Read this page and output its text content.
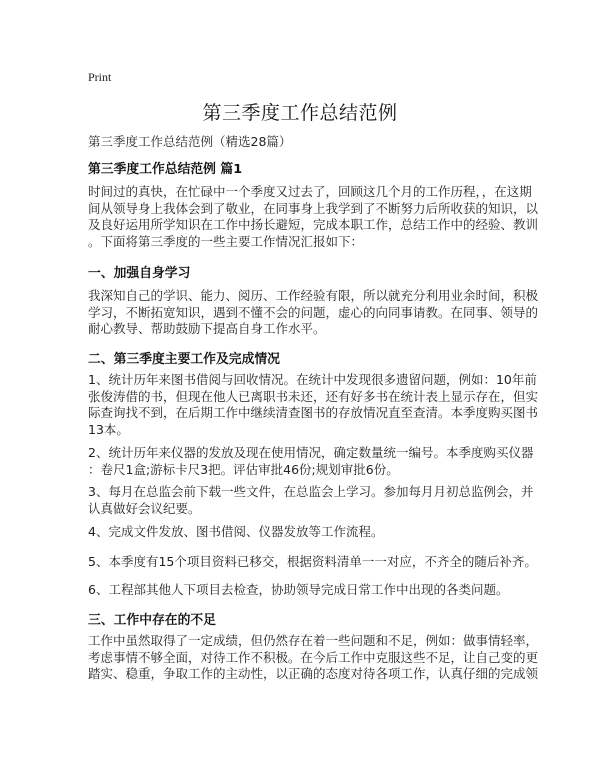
Print
第三季度工作总结范例
第三季度工作总结范例（精选28篇）
第三季度工作总结范例 篇1
时间过的真快，在忙碌中一个季度又过去了，回顾这几个月的工作历程，，在这期
间从领导身上我体会到了敬业，在同事身上我学到了不断努力后所收获的知识，以
及良好运用所学知识在工作中扬长避短，完成本职工作，总结工作中的经验、教训
。下面将第三季度的一些主要工作情况汇报如下：
一、加强自身学习
我深知自己的学识、能力、阅历、工作经验有限，所以就充分利用业余时间，积极
学习，不断拓宽知识，遇到不懂不会的问题，虚心的向同事请教。在同事、领导的
耐心教导、帮助鼓励下提高自身工作水平。
二、第三季度主要工作及完成情况
1、统计历年来图书借阅与回收情况。在统计中发现很多遗留问题，例如：10年前
张俊涛借的书，但现在他人已离职书未还，还有好多书在统计表上显示存在，但实
际查询找不到，在后期工作中继续清查图书的存放情况直至查清。本季度购买图书
13本。
2、统计历年来仪器的发放及现在使用情况，确定数量统一编号。本季度购买仪器
：卷尺1盒;游标卡尺3把。评估审批46份;规划审批6份。
3、每月在总监会前下载一些文件，在总监会上学习。参加每月月初总监例会，并
认真做好会议纪要。
4、完成文件发放、图书借阅、仪器发放等工作流程。
5、本季度有15个项目资料已移交，根据资料清单一一对应，不齐全的随后补齐。
6、工程部其他人下项目去检查，协助领导完成日常工作中出现的各类问题。
三、工作中存在的不足
工作中虽然取得了一定成绩，但仍然存在着一些问题和不足，例如：做事情轻率，
考虑事情不够全面，对待工作不积极。在今后工作中克服这些不足，让自己变的更
踏实、稳重，争取工作的主动性，以正确的态度对待各项工作，认真仔细的完成领
